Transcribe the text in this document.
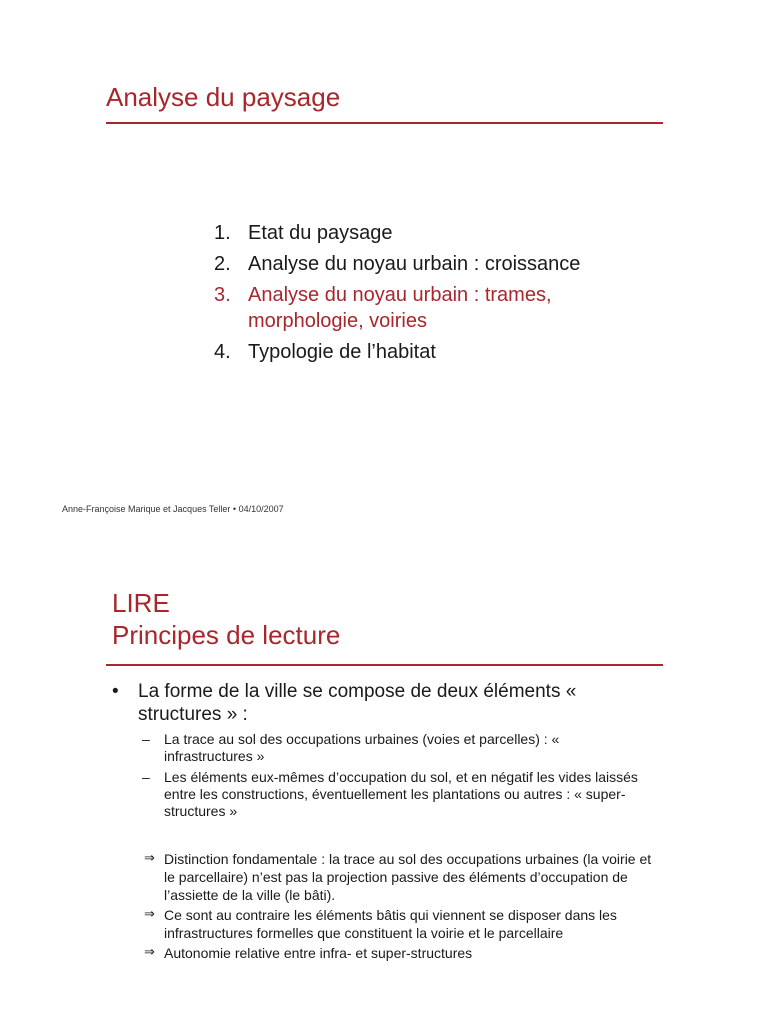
Analyse du paysage
1. Etat du paysage
2. Analyse du noyau urbain : croissance
3. Analyse du noyau urbain : trames, morphologie, voiries
4. Typologie de l’habitat
Anne-Françoise Marique et Jacques Teller • 04/10/2007
LIRE
Principes de lecture
•	La forme de la ville se compose de deux éléments « structures » :
–	La trace au sol des occupations urbaines (voies et parcelles) : « infrastructures »
–	Les éléments eux-mêmes d’occupation du sol, et en négatif les vides laissés entre les constructions, éventuellement les plantations ou autres : « super-structures »
⇒ Distinction fondamentale : la trace au sol des occupations urbaines (la voirie et le parcellaire) n’est pas la projection passive des éléments d’occupation de l’assiette de la ville (le bâti).
⇒ Ce sont au contraire les éléments bâtis qui viennent se disposer dans les infrastructures formelles que constituent la voirie et le parcellaire
⇒ Autonomie relative entre infra- et super-structures
